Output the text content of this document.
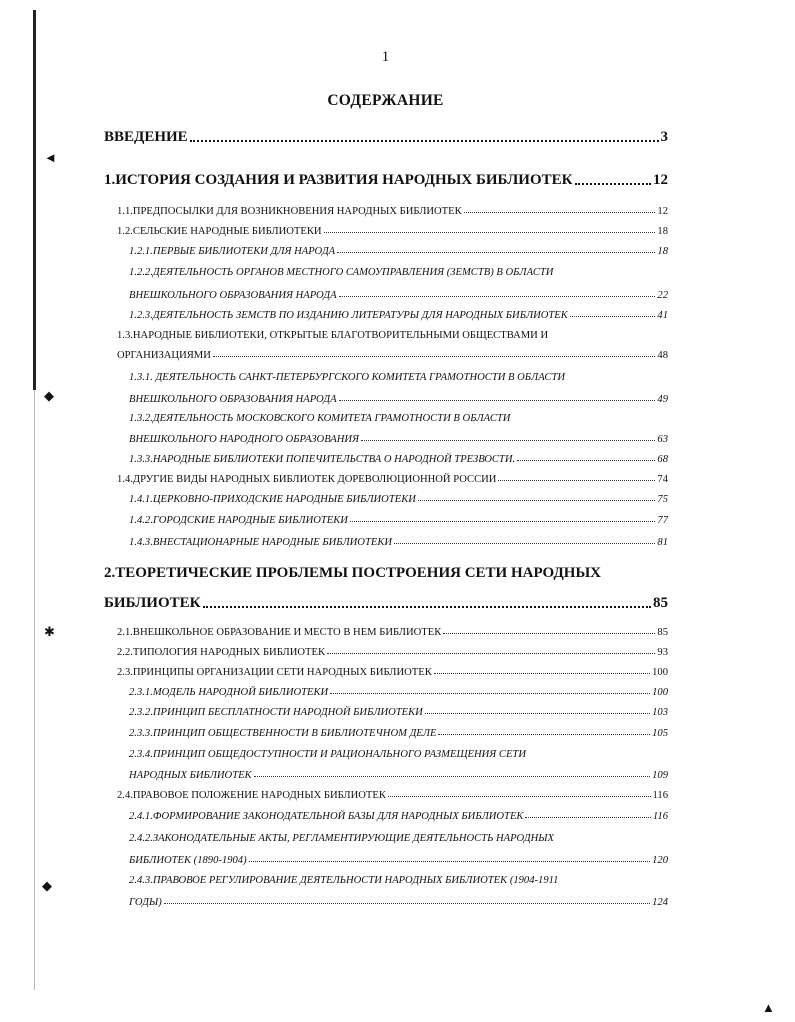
◄
◆
✱
◆
▲
1
СОДЕРЖАНИЕ
ВВЕДЕНИЕ	3
1.ИСТОРИЯ СОЗДАНИЯ И РАЗВИТИЯ НАРОДНЫХ БИБЛИОТЕК	12
1.1.ПРЕДПОСЫЛКИ ДЛЯ ВОЗНИКНОВЕНИЯ НАРОДНЫХ БИБЛИОТЕК	12
1.2.СЕЛЬСКИЕ НАРОДНЫЕ БИБЛИОТЕКИ	18
1.2.1.ПЕРВЫЕ БИБЛИОТЕКИ ДЛЯ НАРОДА	18
1.2.2.ДЕЯТЕЛЬНОСТЬ ОРГАНОВ МЕСТНОГО САМОУПРАВЛЕНИЯ (ЗЕМСТВ) В ОБЛАСТИ
ВНЕШКОЛЬНОГО ОБРАЗОВАНИЯ НАРОДА	22
1.2.3.ДЕЯТЕЛЬНОСТЬ ЗЕМСТВ ПО ИЗДАНИЮ ЛИТЕРАТУРЫ ДЛЯ НАРОДНЫХ БИБЛИОТЕК	41
1.3.НАРОДНЫЕ БИБЛИОТЕКИ, ОТКРЫТЫЕ БЛАГОТВОРИТЕЛЬНЫМИ ОБЩЕСТВАМИ И
ОРГАНИЗАЦИЯМИ	48
1.3.1. ДЕЯТЕЛЬНОСТЬ САНКТ-ПЕТЕРБУРГСКОГО КОМИТЕТА ГРАМОТНОСТИ В ОБЛАСТИ
ВНЕШКОЛЬНОГО ОБРАЗОВАНИЯ НАРОДА	49
1.3.2.ДЕЯТЕЛЬНОСТЬ МОСКОВСКОГО КОМИТЕТА ГРАМОТНОСТИ В ОБЛАСТИ
ВНЕШКОЛЬНОГО НАРОДНОГО ОБРАЗОВАНИЯ	63
1.3.3.НАРОДНЫЕ БИБЛИОТЕКИ ПОПЕЧИТЕЛЬСТВА О НАРОДНОЙ ТРЕЗВОСТИ.	68
1.4.ДРУГИЕ ВИДЫ НАРОДНЫХ БИБЛИОТЕК ДОРЕВОЛЮЦИОННОЙ РОССИИ	74
1.4.1.ЦЕРКОВНО-ПРИХОДСКИЕ НАРОДНЫЕ БИБЛИОТЕКИ	75
1.4.2.ГОРОДСКИЕ НАРОДНЫЕ БИБЛИОТЕКИ	77
1.4.3.ВНЕСТАЦИОНАРНЫЕ НАРОДНЫЕ БИБЛИОТЕКИ	81
2.ТЕОРЕТИЧЕСКИЕ ПРОБЛЕМЫ ПОСТРОЕНИЯ СЕТИ НАРОДНЫХ
БИБЛИОТЕК	85
2.1.ВНЕШКОЛЬНОЕ ОБРАЗОВАНИЕ И МЕСТО В НЕМ БИБЛИОТЕК	85
2.2.ТИПОЛОГИЯ НАРОДНЫХ БИБЛИОТЕК	93
2.3.ПРИНЦИПЫ ОРГАНИЗАЦИИ СЕТИ НАРОДНЫХ БИБЛИОТЕК	100
2.3.1.МОДЕЛЬ НАРОДНОЙ БИБЛИОТЕКИ	100
2.3.2.ПРИНЦИП БЕСПЛАТНОСТИ НАРОДНОЙ БИБЛИОТЕКИ	103
2.3.3.ПРИНЦИП ОБЩЕСТВЕННОСТИ В БИБЛИОТЕЧНОМ ДЕЛЕ	105
2.3.4.ПРИНЦИП ОБЩЕДОСТУПНОСТИ И РАЦИОНАЛЬНОГО РАЗМЕЩЕНИЯ СЕТИ
НАРОДНЫХ БИБЛИОТЕК	109
2.4.ПРАВОВОЕ ПОЛОЖЕНИЕ НАРОДНЫХ БИБЛИОТЕК	116
2.4.1.ФОРМИРОВАНИЕ ЗАКОНОДАТЕЛЬНОЙ БАЗЫ ДЛЯ НАРОДНЫХ БИБЛИОТЕК	116
2.4.2.ЗАКОНОДАТЕЛЬНЫЕ АКТЫ, РЕГЛАМЕНТИРУЮЩИЕ ДЕЯТЕЛЬНОСТЬ НАРОДНЫХ
БИБЛИОТЕК (1890-1904)	120
2.4.3.ПРАВОВОЕ РЕГУЛИРОВАНИЕ ДЕЯТЕЛЬНОСТИ НАРОДНЫХ БИБЛИОТЕК (1904-1911
ГОДЫ)	124
